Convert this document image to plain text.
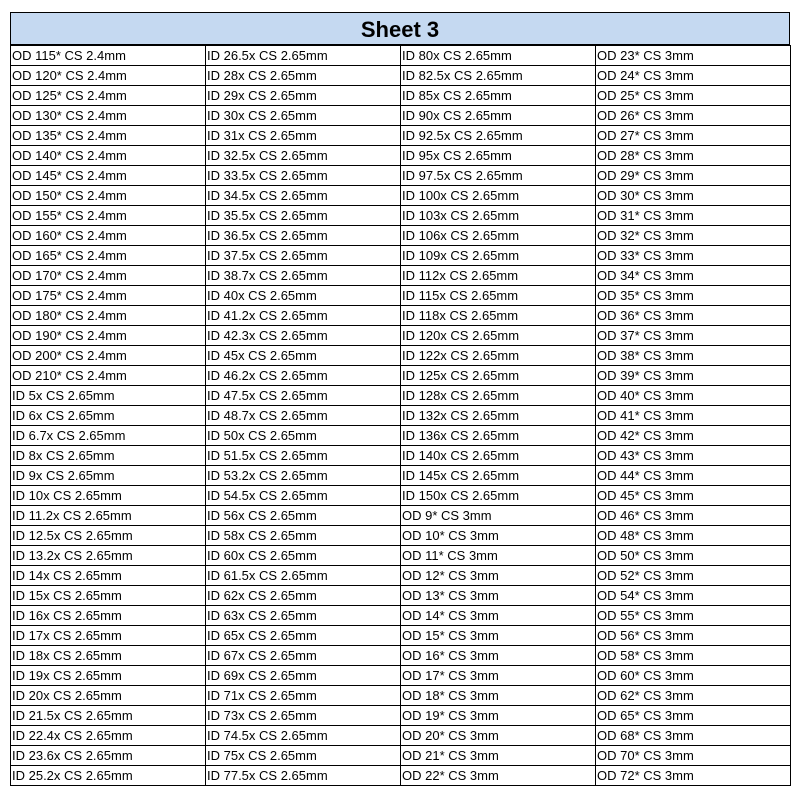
Sheet 3
OD 115* CS 2.4mm	ID 26.5x CS 2.65mm	ID 80x CS 2.65mm	OD 23* CS 3mm
OD 120* CS 2.4mm	ID 28x CS 2.65mm	ID 82.5x CS 2.65mm	OD 24* CS 3mm
OD 125* CS 2.4mm	ID 29x CS 2.65mm	ID 85x CS 2.65mm	OD 25* CS 3mm
OD 130* CS 2.4mm	ID 30x CS 2.65mm	ID 90x CS 2.65mm	OD 26* CS 3mm
OD 135* CS 2.4mm	ID 31x CS 2.65mm	ID 92.5x CS 2.65mm	OD 27* CS 3mm
OD 140* CS 2.4mm	ID 32.5x CS 2.65mm	ID 95x CS 2.65mm	OD 28* CS 3mm
OD 145* CS 2.4mm	ID 33.5x CS 2.65mm	ID 97.5x CS 2.65mm	OD 29* CS 3mm
OD 150* CS 2.4mm	ID 34.5x CS 2.65mm	ID 100x CS 2.65mm	OD 30* CS 3mm
OD 155* CS 2.4mm	ID 35.5x CS 2.65mm	ID 103x CS 2.65mm	OD 31* CS 3mm
OD 160* CS 2.4mm	ID 36.5x CS 2.65mm	ID 106x CS 2.65mm	OD 32* CS 3mm
OD 165* CS 2.4mm	ID 37.5x CS 2.65mm	ID 109x CS 2.65mm	OD 33* CS 3mm
OD 170* CS 2.4mm	ID 38.7x CS 2.65mm	ID 112x CS 2.65mm	OD 34* CS 3mm
OD 175* CS 2.4mm	ID 40x CS 2.65mm	ID 115x CS 2.65mm	OD 35* CS 3mm
OD 180* CS 2.4mm	ID 41.2x CS 2.65mm	ID 118x CS 2.65mm	OD 36* CS 3mm
OD 190* CS 2.4mm	ID 42.3x CS 2.65mm	ID 120x CS 2.65mm	OD 37* CS 3mm
OD 200* CS 2.4mm	ID 45x CS 2.65mm	ID 122x CS 2.65mm	OD 38* CS 3mm
OD 210* CS 2.4mm	ID 46.2x CS 2.65mm	ID 125x CS 2.65mm	OD 39* CS 3mm
ID 5x CS 2.65mm	ID 47.5x CS 2.65mm	ID 128x CS 2.65mm	OD 40* CS 3mm
ID 6x CS 2.65mm	ID 48.7x CS 2.65mm	ID 132x CS 2.65mm	OD 41* CS 3mm
ID 6.7x CS 2.65mm	ID 50x CS 2.65mm	ID 136x CS 2.65mm	OD 42* CS 3mm
ID 8x CS 2.65mm	ID 51.5x CS 2.65mm	ID 140x CS 2.65mm	OD 43* CS 3mm
ID 9x CS 2.65mm	ID 53.2x CS 2.65mm	ID 145x CS 2.65mm	OD 44* CS 3mm
ID 10x CS 2.65mm	ID 54.5x CS 2.65mm	ID 150x CS 2.65mm	OD 45* CS 3mm
ID 11.2x CS 2.65mm	ID 56x CS 2.65mm	OD 9* CS 3mm	OD 46* CS 3mm
ID 12.5x CS 2.65mm	ID 58x CS 2.65mm	OD 10* CS 3mm	OD 48* CS 3mm
ID 13.2x CS 2.65mm	ID 60x CS 2.65mm	OD 11* CS 3mm	OD 50* CS 3mm
ID 14x CS 2.65mm	ID 61.5x CS 2.65mm	OD 12* CS 3mm	OD 52* CS 3mm
ID 15x CS 2.65mm	ID 62x CS 2.65mm	OD 13* CS 3mm	OD 54* CS 3mm
ID 16x CS 2.65mm	ID 63x CS 2.65mm	OD 14* CS 3mm	OD 55* CS 3mm
ID 17x CS 2.65mm	ID 65x CS 2.65mm	OD 15* CS 3mm	OD 56* CS 3mm
ID 18x CS 2.65mm	ID 67x CS 2.65mm	OD 16* CS 3mm	OD 58* CS 3mm
ID 19x CS 2.65mm	ID 69x CS 2.65mm	OD 17* CS 3mm	OD 60* CS 3mm
ID 20x CS 2.65mm	ID 71x CS 2.65mm	OD 18* CS 3mm	OD 62* CS 3mm
ID 21.5x CS 2.65mm	ID 73x CS 2.65mm	OD 19* CS 3mm	OD 65* CS 3mm
ID 22.4x CS 2.65mm	ID 74.5x CS 2.65mm	OD 20* CS 3mm	OD 68* CS 3mm
ID 23.6x CS 2.65mm	ID 75x CS 2.65mm	OD 21* CS 3mm	OD 70* CS 3mm
ID 25.2x CS 2.65mm	ID 77.5x CS 2.65mm	OD 22* CS 3mm	OD 72* CS 3mm
